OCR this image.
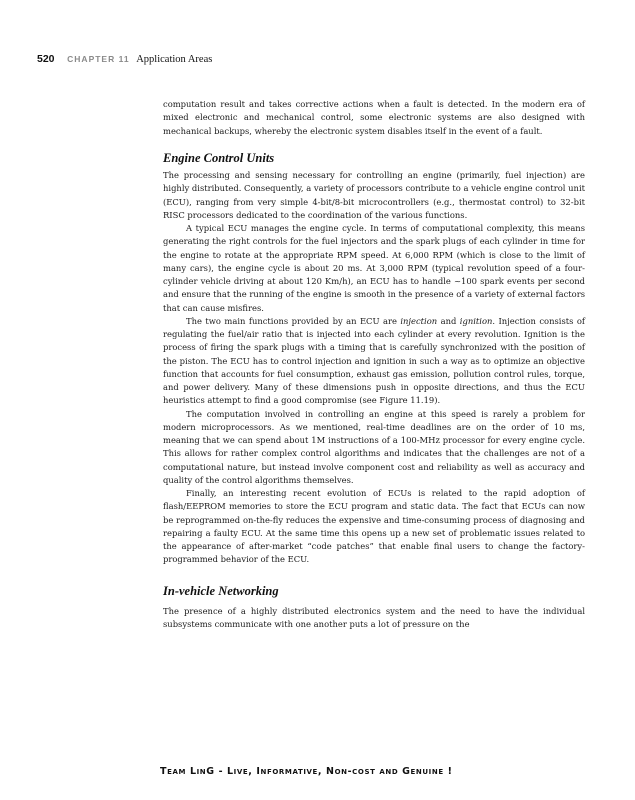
520 CHAPTER 11 Application Areas

computation result and takes corrective actions when a fault is detected. In the modern era of mixed electronic and mechanical control, some electronic systems are also designed with mechanical backups, whereby the electronic system disables itself in the event of a fault.

Engine Control Units

The processing and sensing necessary for controlling an engine (primarily, fuel injection) are highly distributed. Consequently, a variety of processors contribute to a vehicle engine control unit (ECU), ranging from very simple 4-bit/8-bit microcontrollers (e.g., thermostat control) to 32-bit RISC processors dedicated to the coordination of the various functions.

A typical ECU manages the engine cycle. In terms of computational complexity, this means generating the right controls for the fuel injectors and the spark plugs of each cylinder in time for the engine to rotate at the appropriate RPM speed. At 6,000 RPM (which is close to the limit of many cars), the engine cycle is about 20 ms. At 3,000 RPM (typical revolution speed of a four-cylinder vehicle driving at about 120 Km/h), an ECU has to handle ~100 spark events per second and ensure that the running of the engine is smooth in the presence of a variety of external factors that can cause misfires.

The two main functions provided by an ECU are injection and ignition. Injection consists of regulating the fuel/air ratio that is injected into each cylinder at every revolution. Ignition is the process of firing the spark plugs with a timing that is carefully synchronized with the position of the piston. The ECU has to control injection and ignition in such a way as to optimize an objective function that accounts for fuel consumption, exhaust gas emission, pollution control rules, torque, and power delivery. Many of these dimensions push in opposite directions, and thus the ECU heuristics attempt to find a good compromise (see Figure 11.19).

The computation involved in controlling an engine at this speed is rarely a problem for modern microprocessors. As we mentioned, real-time deadlines are on the order of 10 ms, meaning that we can spend about 1M instructions of a 100-MHz processor for every engine cycle. This allows for rather complex control algorithms and indicates that the challenges are not of a computational nature, but instead involve component cost and reliability as well as accuracy and quality of the control algorithms themselves.

Finally, an interesting recent evolution of ECUs is related to the rapid adoption of flash/EEPROM memories to store the ECU program and static data. The fact that ECUs can now be reprogrammed on-the-fly reduces the expensive and time-consuming process of diagnosing and repairing a faulty ECU. At the same time this opens up a new set of problematic issues related to the appearance of after-market “code patches” that enable final users to change the factory-programmed behavior of the ECU.

In-vehicle Networking

The presence of a highly distributed electronics system and the need to have the individual subsystems communicate with one another puts a lot of pressure on the

Team LinG - Live, Informative, Non-cost and Genuine !
